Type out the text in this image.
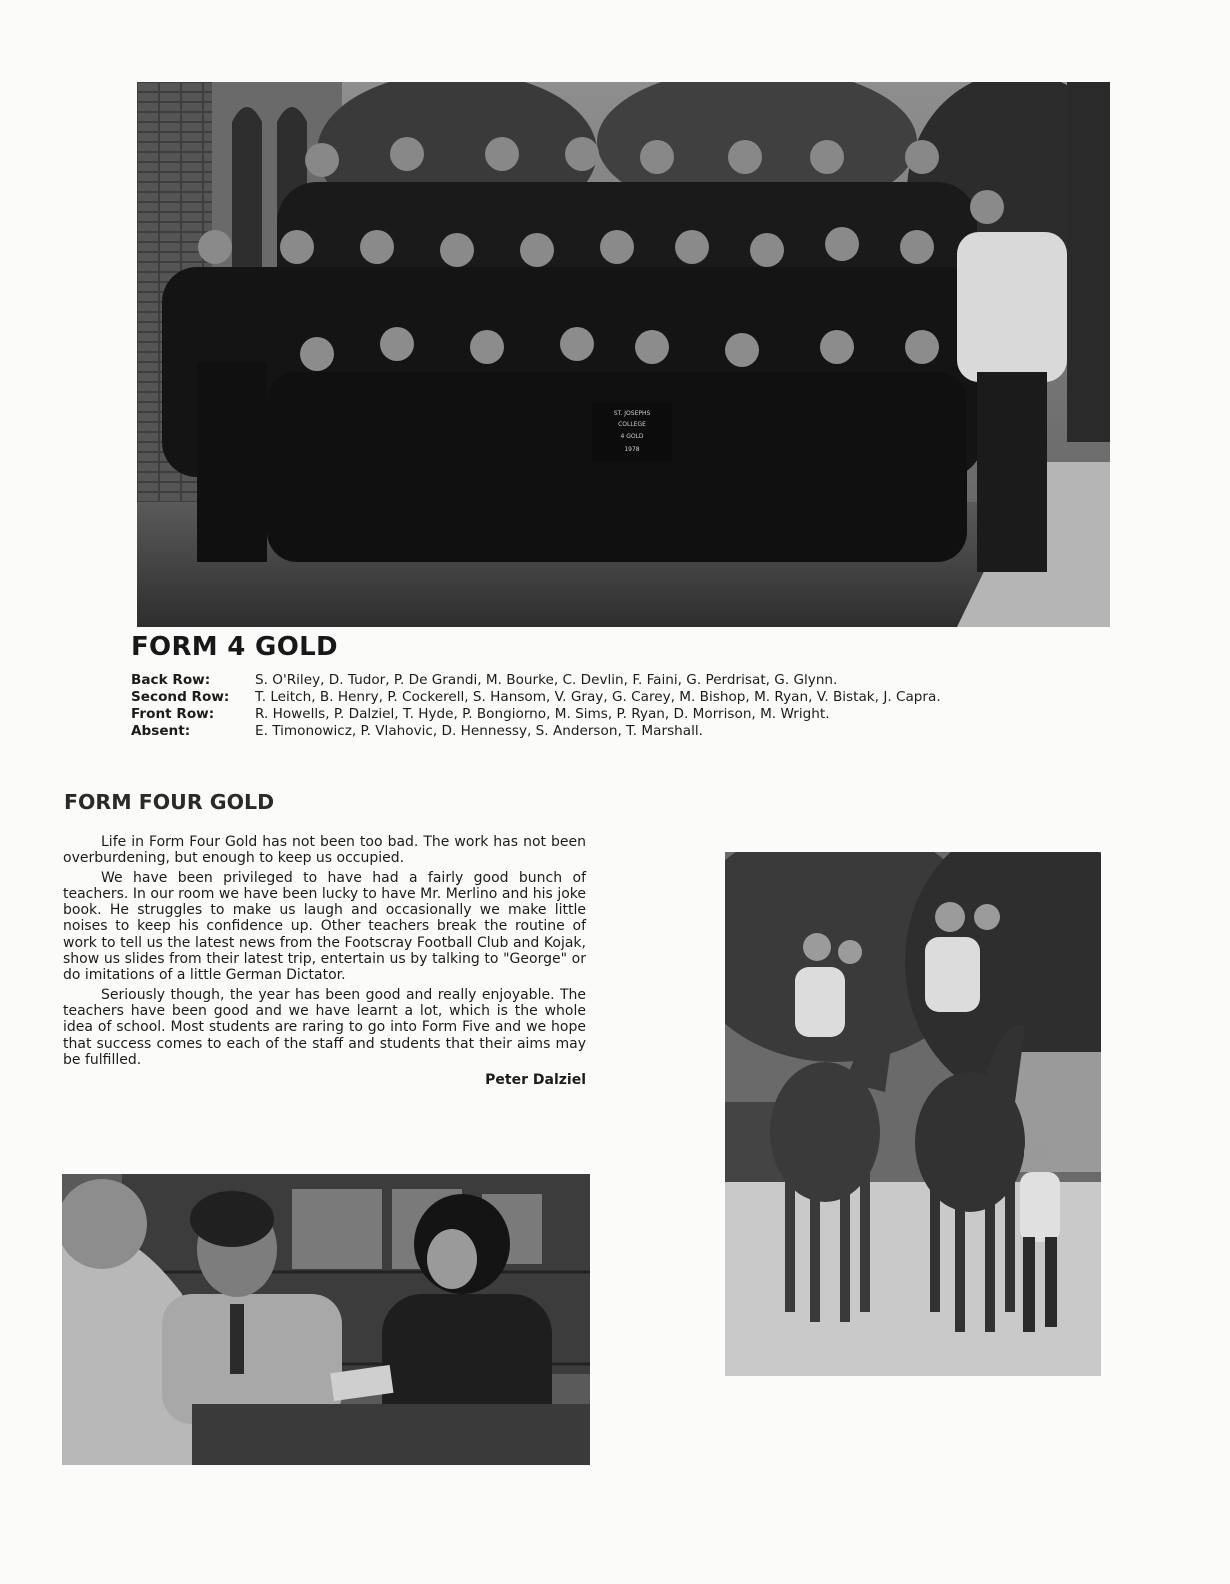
ST. JOSEPHS
COLLEGE
4 GOLD
1978
FORM 4 GOLD
Back Row:	S. O'Riley, D. Tudor, P. De Grandi, M. Bourke, C. Devlin, F. Faini, G. Perdrisat, G. Glynn.
Second Row:	T. Leitch, B. Henry, P. Cockerell, S. Hansom, V. Gray, G. Carey, M. Bishop, M. Ryan, V. Bistak, J. Capra.
Front Row:	R. Howells, P. Dalziel, T. Hyde, P. Bongiorno, M. Sims, P. Ryan, D. Morrison, M. Wright.
Absent:	E. Timonowicz, P. Vlahovic, D. Hennessy, S. Anderson, T. Marshall.
FORM FOUR GOLD

Life in Form Four Gold has not been too bad. The work has not been overburdening, but enough to keep us occupied.

We have been privileged to have had a fairly good bunch of teachers. In our room we have been lucky to have Mr. Merlino and his joke book. He struggles to make us laugh and occasionally we make little noises to keep his confidence up. Other teachers break the routine of work to tell us the latest news from the Footscray Football Club and Kojak, show us slides from their latest trip, entertain us by talking to "George" or do imitations of a little German Dictator.

Seriously though, the year has been good and really enjoyable. The teachers have been good and we have learnt a lot, which is the whole idea of school. Most students are raring to go into Form Five and we hope that success comes to each of the staff and students that their aims may be fulfilled.

Peter Dalziel
